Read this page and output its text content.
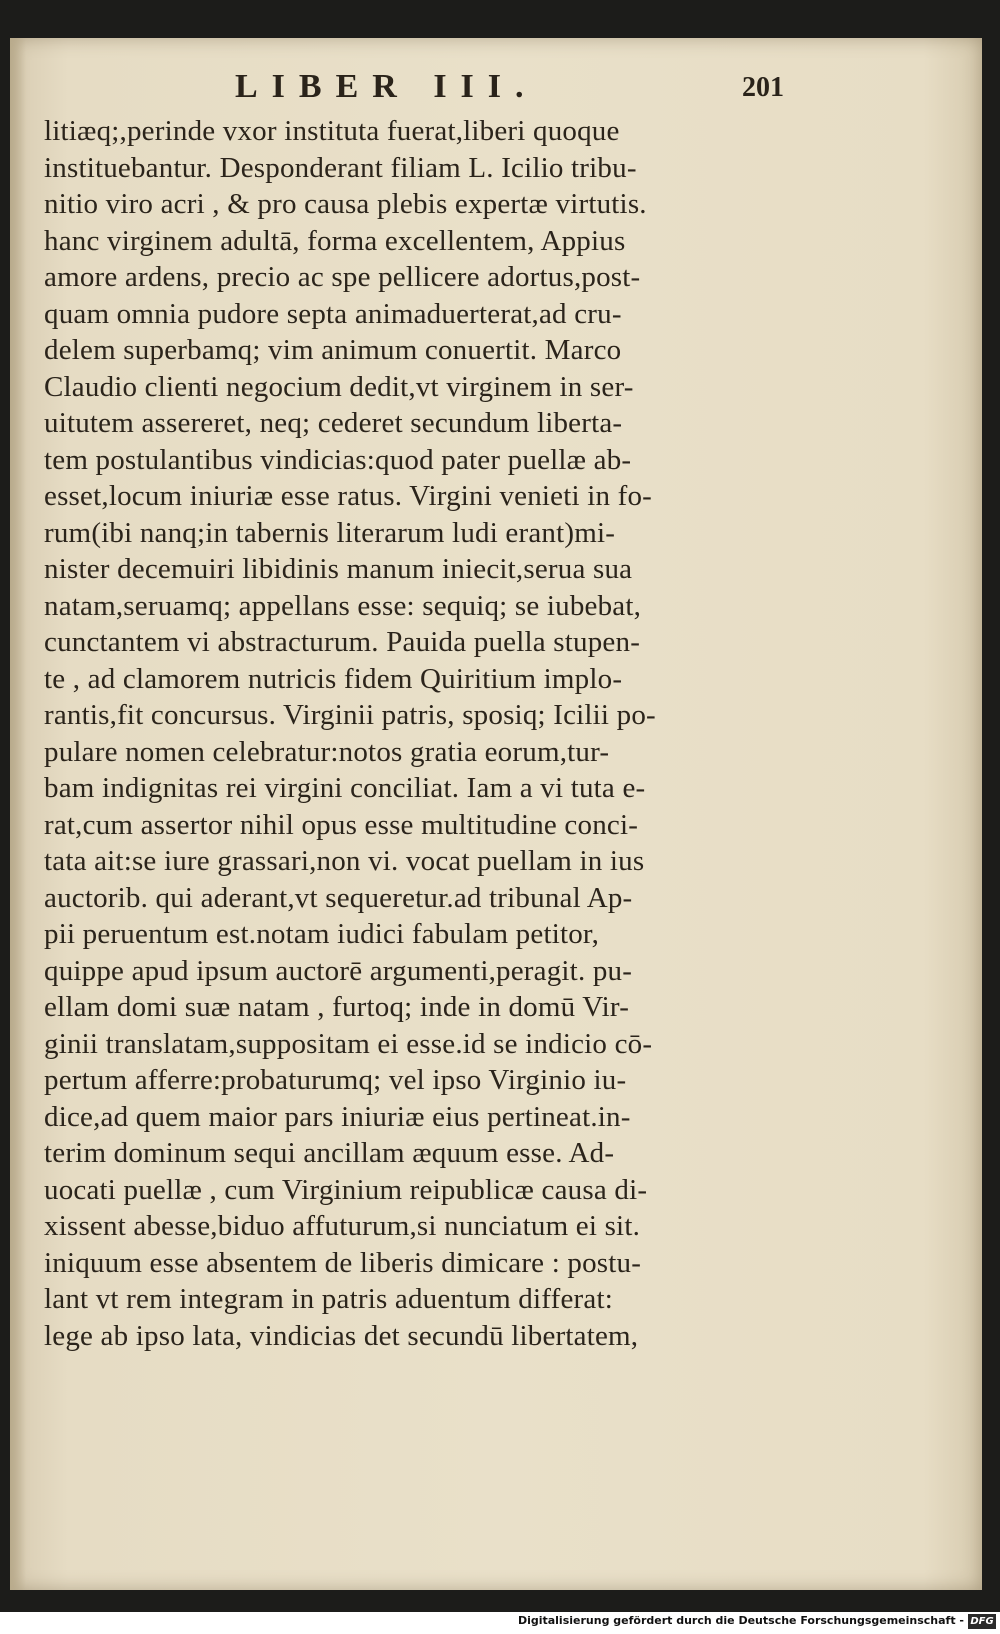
LIBER III.	201
litiæq;,perinde vxor instituta fuerat,liberi quoque
instituebantur. Desponderant filiam L. Icilio tribu-
nitio viro acri , & pro causa plebis expertæ virtutis.
hanc virginem adultā, forma excellentem, Appius
amore ardens, precio ac spe pellicere adortus,post-
quam omnia pudore septa animaduerterat,ad cru-
delem superbamq; vim animum conuertit. Marco
Claudio clienti negocium dedit,vt virginem in ser-
uitutem assereret, neq; cederet secundum liberta-
tem postulantibus vindicias:quod pater puellæ ab-
esset,locum iniuriæ esse ratus. Virgini venieti in fo-
rum(ibi nanq;in tabernis literarum ludi erant)mi-
nister decemuiri libidinis manum iniecit,serua sua
natam,seruamq; appellans esse: sequiq; se iubebat,
cunctantem vi abstracturum. Pauida puella stupen-
te , ad clamorem nutricis fidem Quiritium implo-
rantis,fit concursus. Virginii patris, sposiq; Icilii po-
pulare nomen celebratur:notos gratia eorum,tur-
bam indignitas rei virgini conciliat. Iam a vi tuta e-
rat,cum assertor nihil opus esse multitudine conci-
tata ait:se iure grassari,non vi. vocat puellam in ius
auctorib. qui aderant,vt sequeretur.ad tribunal Ap-
pii peruentum est.notam iudici fabulam petitor,
quippe apud ipsum auctorē argumenti,peragit. pu-
ellam domi suæ natam , furtoq; inde in domū Vir-
ginii translatam,suppositam ei esse.id se indicio cō-
pertum afferre:probaturumq; vel ipso Virginio iu-
dice,ad quem maior pars iniuriæ eius pertineat.in-
terim dominum sequi ancillam æquum esse. Ad-
uocati puellæ , cum Virginium reipublicæ causa di-
xissent abesse,biduo affuturum,si nunciatum ei sit.
iniquum esse absentem de liberis dimicare : postu-
lant vt rem integram in patris aduentum differat:
lege ab ipso lata, vindicias det secundū libertatem,
Digitalisierung gefördert durch die Deutsche Forschungsgemeinschaft - DFG
